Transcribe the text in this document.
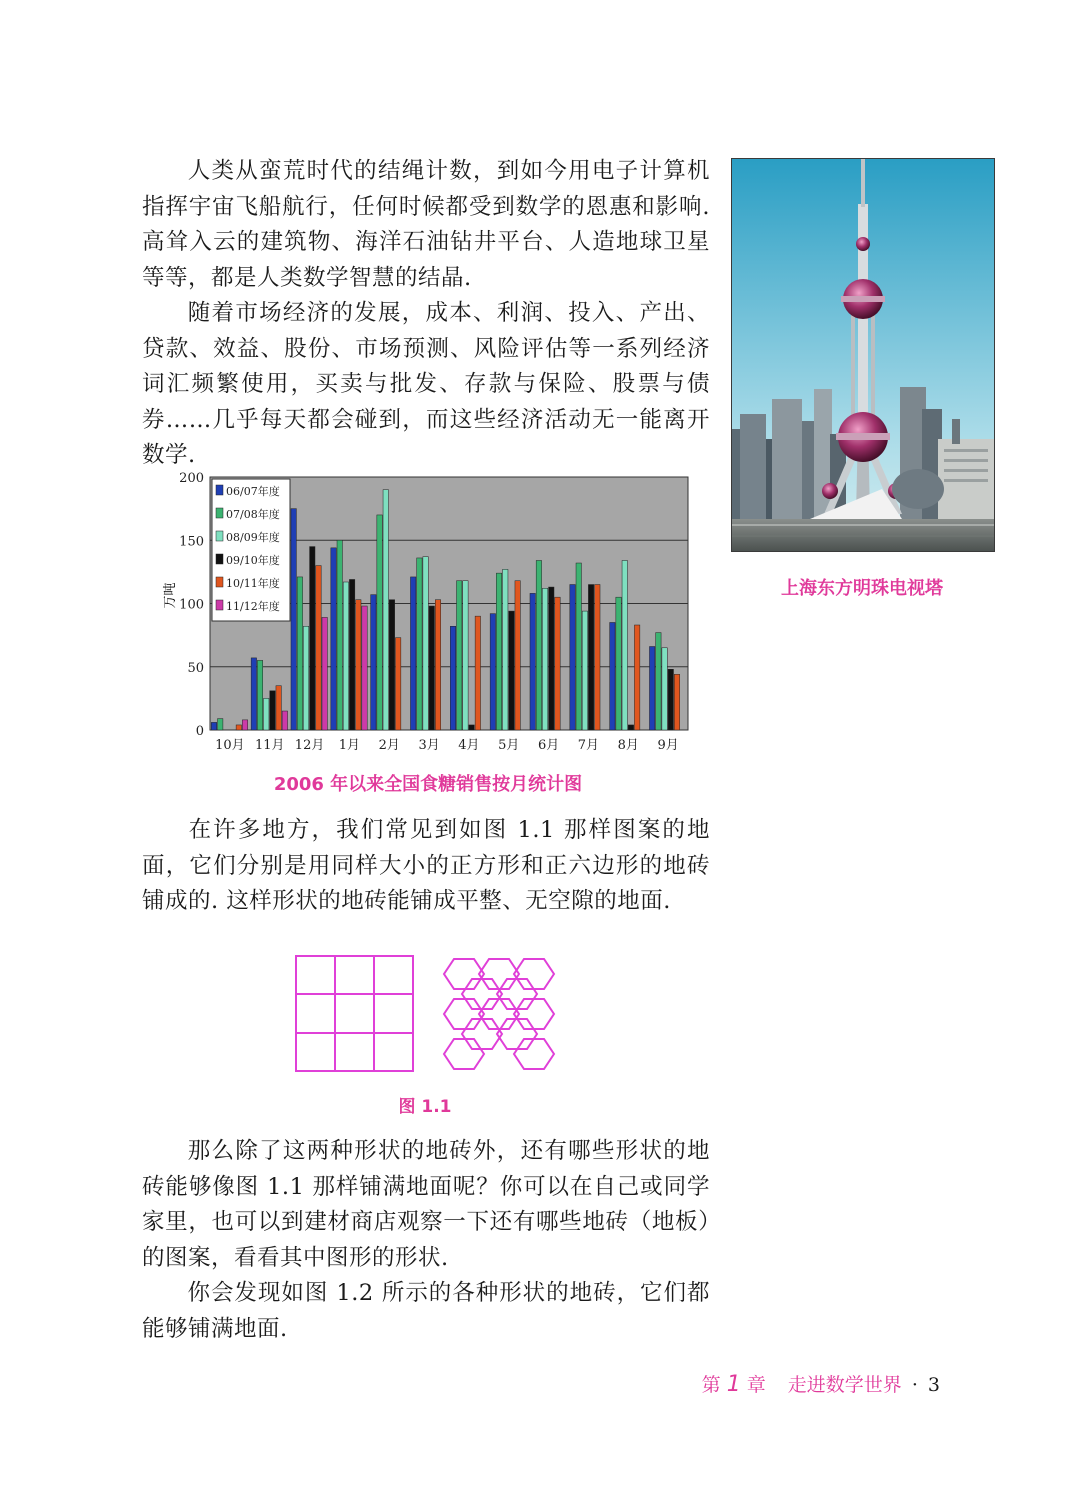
人类从蛮荒时代的结绳计数，到如今用电子计算机指挥宇宙飞船航行，任何时候都受到数学的恩惠和影响. 高耸入云的建筑物、海洋石油钻井平台、人造地球卫星等等，都是人类数学智慧的结晶.

随着市场经济的发展，成本、利润、投入、产出、贷款、效益、股份、市场预测、风险评估等一系列经济词汇频繁使用，买卖与批发、存款与保险、股票与债券……几乎每天都会碰到，而这些经济活动无一能离开数学.

上海东方明珠电视塔
0
50
100
150
200
10月 11月 12月 1月 2月 3月 4月 5月 6月 7月 8月 9月
万吨
06/07年度
07/08年度
08/09年度
09/10年度
10/11年度
11/12年度
2006 年以来全国食糖销售按月统计图

在许多地方，我们常见到如图 1.1 那样图案的地面，它们分别是用同样大小的正方形和正六边形的地砖铺成的. 这样形状的地砖能铺成平整、无空隙的地面.

图 1.1

那么除了这两种形状的地砖外，还有哪些形状的地砖能够像图 1.1 那样铺满地面呢？你可以在自己或同学家里，也可以到建材商店观察一下还有哪些地砖（地板）的图案，看看其中图形的形状.

你会发现如图 1.2 所示的各种形状的地砖，它们都能够铺满地面.

第 1 章 走进数学世界 · 3
